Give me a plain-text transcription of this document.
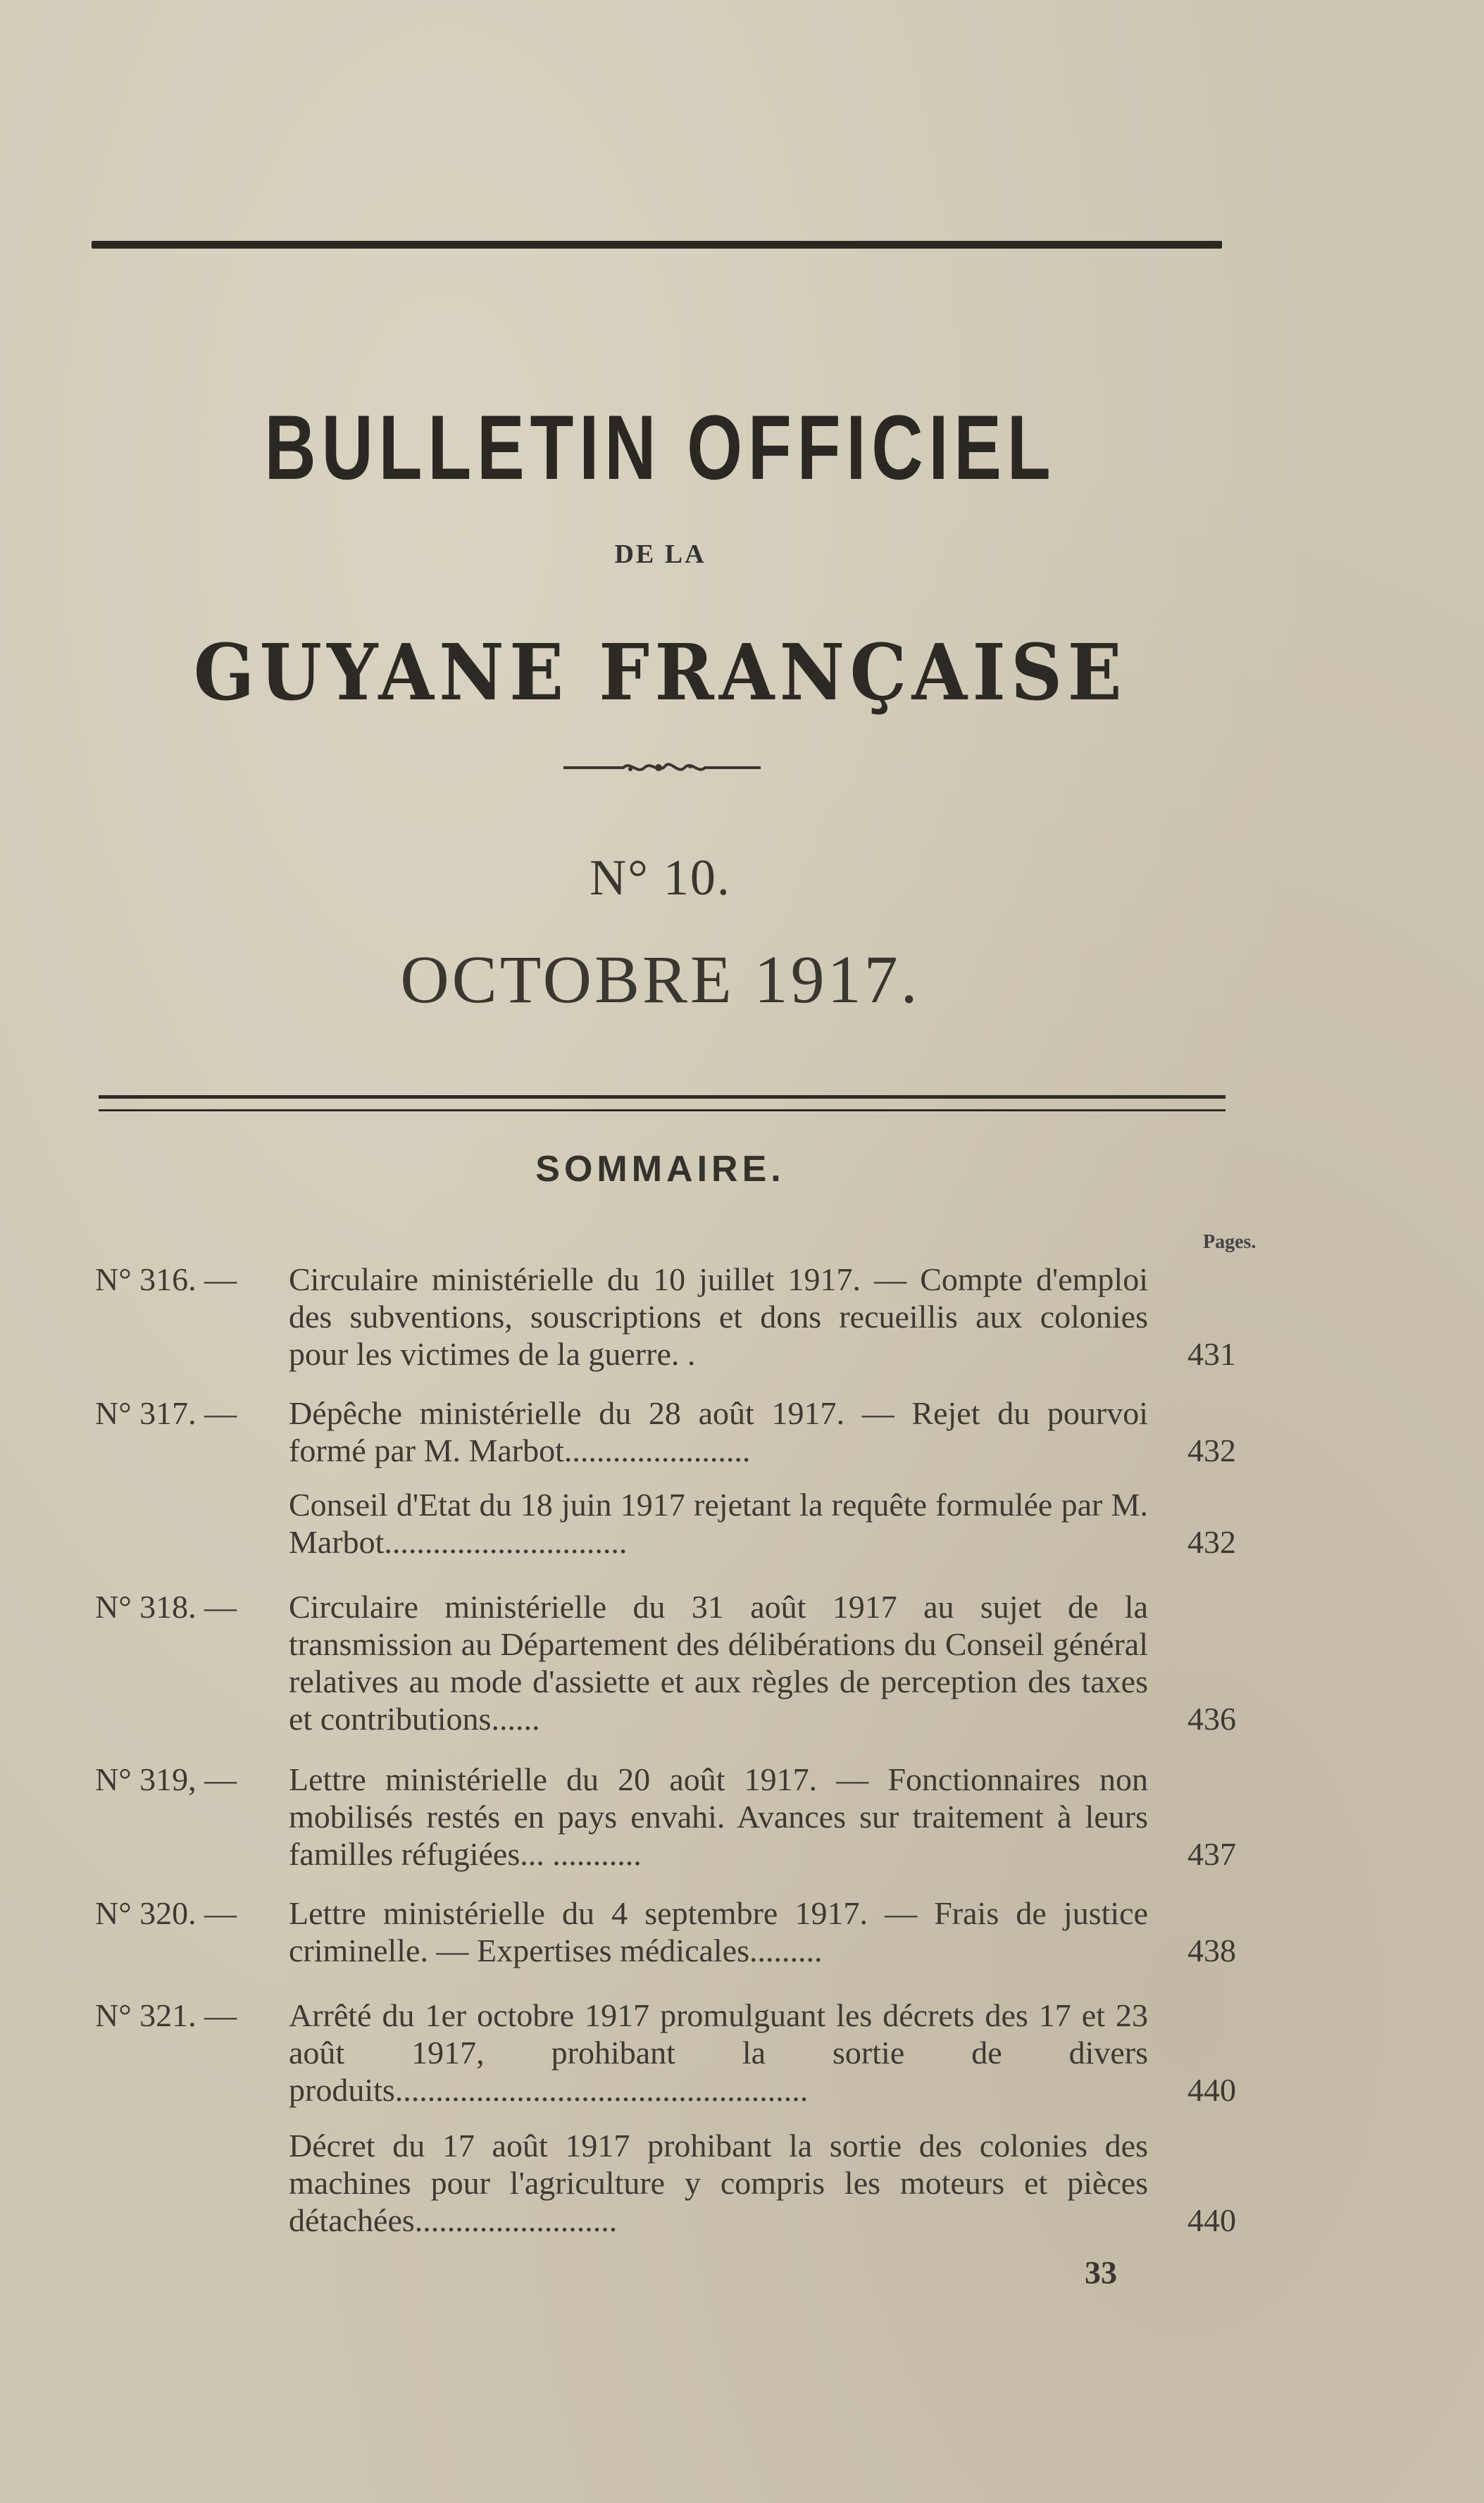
BULLETIN OFFICIEL
DE LA
GUYANE FRANÇAISE
N° 10.
OCTOBRE 1917.
SOMMAIRE.
Pages.
N° 316. — Circulaire ministérielle du 10 juillet 1917. — Compte d'emploi des subventions, souscriptions et dons recueillis aux colonies pour les victimes de la guerre. .	431
N° 317. — Dépêche ministérielle du 28 août 1917. — Rejet du pourvoi formé par M. Marbot.......................	432
Conseil d'Etat du 18 juin 1917 rejetant la requête formulée par M. Marbot..............................	432
N° 318. — Circulaire ministérielle du 31 août 1917 au sujet de la transmission au Département des délibérations du Conseil général relatives au mode d'assiette et aux règles de perception des taxes et contributions......	436
N° 319, — Lettre ministérielle du 20 août 1917. — Fonctionnaires non mobilisés restés en pays envahi. Avances sur traitement à leurs familles réfugiées... ...........	437
N° 320. — Lettre ministérielle du 4 septembre 1917. — Frais de justice criminelle. — Expertises médicales.........	438
N° 321. — Arrêté du 1er octobre 1917 promulguant les décrets des 17 et 23 août 1917, prohibant la sortie de divers produits...................................................	440
Décret du 17 août 1917 prohibant la sortie des colonies des machines pour l'agriculture y compris les moteurs et pièces détachées.........................	440
33
